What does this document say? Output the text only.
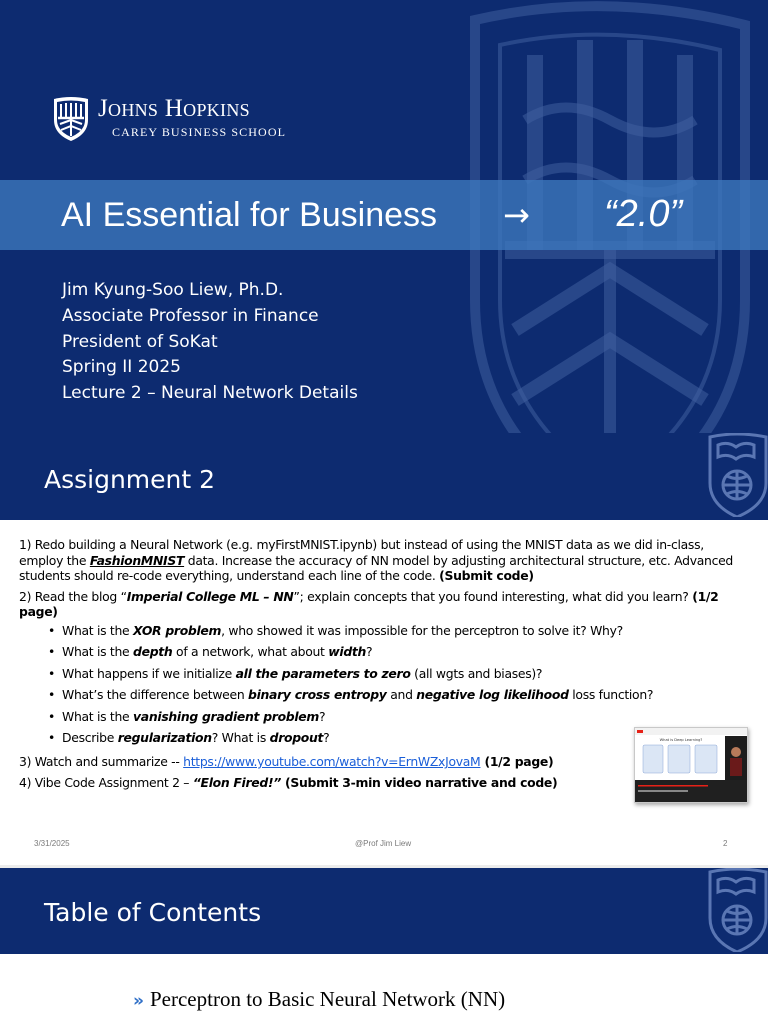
Johns Hopkins
CAREY BUSINESS SCHOOL
AI Essential for Business → “2.0”
Jim Kyung-Soo Liew, Ph.D.
Associate Professor in Finance
President of SoKat
Spring II 2025
Lecture 2 – Neural Network Details
Assignment 2

1) Redo building a Neural Network (e.g. myFirstMNIST.ipynb) but instead of using the MNIST data as we did in-class, employ the FashionMNIST data. Increase the accuracy of NN model by adjusting architectural structure, etc. Advanced students should re-code everything, understand each line of the code. (Submit code)

2) Read the blog “Imperial College ML – NN”; explain concepts that you found interesting, what did you learn? (1/2 page)

• What is the XOR problem, who showed it was impossible for the perceptron to solve it? Why?
• What is the depth of a network, what about width?
• What happens if we initialize all the parameters to zero (all wgts and biases)?
• What’s the difference between binary cross entropy and negative log likelihood loss function?
• What is the vanishing gradient problem?
• Describe regularization? What is dropout?

3) Watch and summarize -- https://www.youtube.com/watch?v=ErnWZxJovaM (1/2 page)

4) Vibe Code Assignment 2 – “Elon Fired!” (Submit 3-min video narrative and code)

What is Deep Learning?
3/31/2025	@Prof Jim Liew	2
Table of Contents
» Perceptron to Basic Neural Network (NN)
